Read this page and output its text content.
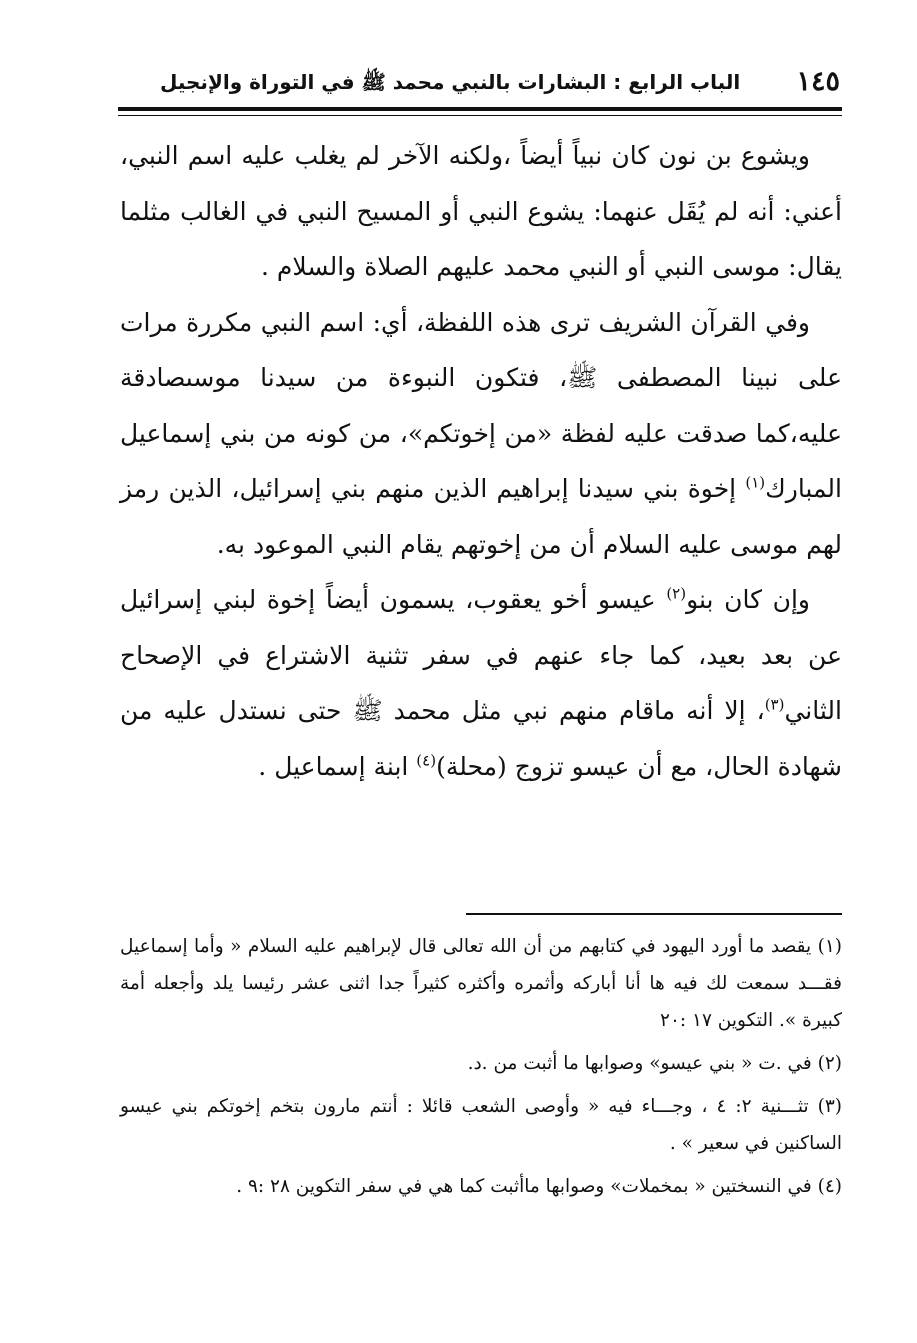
١٤٥
الباب الرابع : البشارات بالنبي محمد ﷺ في التوراة والإنجيل

ويشوع بن نون كان نبياً أيضاً ،ولكنه الآخر لم يغلب عليه اسم النبي، أعني: أنه لم يُقَل عنهما: يشوع النبي أو المسيح النبي في الغالب مثلما يقال: موسى النبي أو النبي محمد عليهم الصلاة والسلام .

وفي القرآن الشريف ترى هذه اللفظة، أي: اسم النبي مكررة مرات على نبينا المصطفى ﷺ، فتكون النبوءة من سيدنا موسىصادقة عليه،كما صدقت عليه لفظة «من إخوتكم»، من كونه من بني إسماعيل المبارك$^{(١)}$ إخوة بني سيدنا إبراهيم الذين منهم بني إسرائيل، الذين رمز لهم موسى عليه السلام أن من إخوتهم يقام النبي الموعود به.

وإن كان بنو$^{(٢)}$ عيسو أخو يعقوب، يسمون أيضاً إخوة لبني إسرائيل عن بعد بعيد، كما جاء عنهم في سفر تثنية الاشتراع في الإصحاح الثاني$^{(٣)}$، إلا أنه ماقام منهم نبي مثل محمد ﷺ حتى نستدل عليه من شهادة الحال، مع أن عيسو تزوج (محلة)$^{(٤)}$ ابنة إسماعيل .

(١) يقصد ما أورد اليهود في كتابهم من أن الله تعالى قال لإبراهيم عليه السلام « وأما إسماعيل فقـــد سمعت لك فيه ها أنا أباركه وأثمره وأكثره كثيراً جدا اثنى عشر رئيسا يلد وأجعله أمة كبيرة ». التكوين ١٧ :٢٠

(٢) في .ت « بني عيسو» وصوابها ما أثبت من .د.

(٣) تثـــنية ٢: ٤ ، وجـــاء فيه « وأوصى الشعب قائلا : أنتم مارون بتخم إخوتكم بني عيسو الساكنين في سعير » .

(٤) في النسختين « بمخملات» وصوابها ماأثبت كما هي في سفر التكوين ٢٨ :٩ .
